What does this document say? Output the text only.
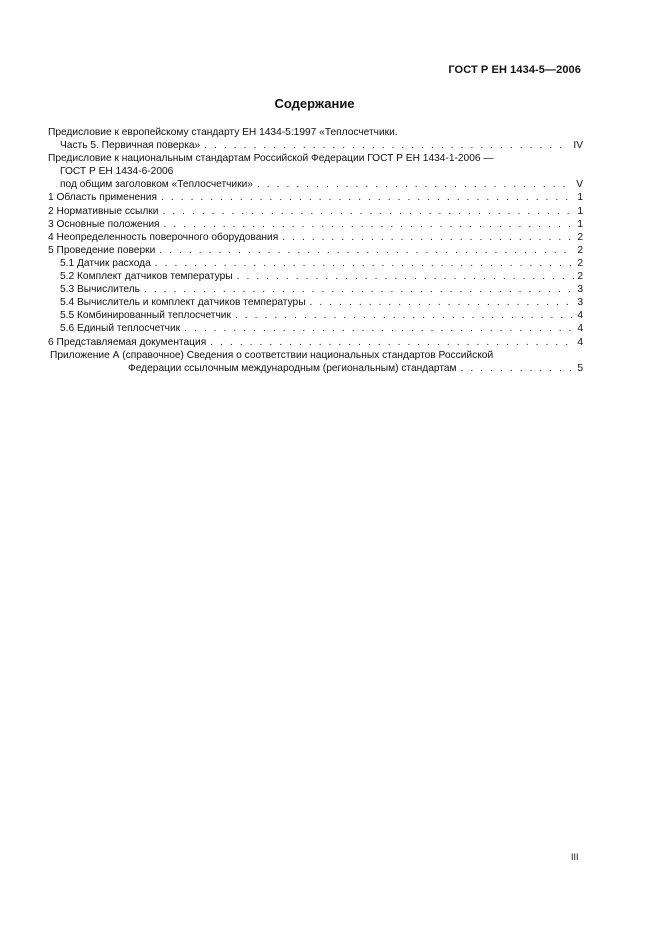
ГОСТ Р ЕН 1434-5—2006
Содержание
Предисловие к европейскому стандарту ЕН 1434-5:1997 «Теплосчетчики.
Часть 5. Первичная поверка» . . .	IV
Предисловие к национальным стандартам Российской Федерации ГОСТ Р ЕН 1434-1-2006 —
ГОСТ Р ЕН 1434-6-2006
под общим заголовком «Теплосчетчики» . . .	V
1 Область применения . . .	1
2 Нормативные ссылки . . .	1
3 Основные положения . . .	1
4 Неопределенность поверочного оборудования . . .	2
5 Проведение поверки . . .	2
5.1 Датчик расхода . . .	2
5.2 Комплект датчиков температуры . . .	2
5.3 Вычислитель . . .	3
5.4 Вычислитель и комплект датчиков температуры . . .	3
5.5 Комбинированный теплосчетчик . . .	4
5.6 Единый теплосчетчик . . .	4
6 Представляемая документация . . .	4
Приложение А (справочное) Сведения о соответствии национальных стандартов Российской
Федерации ссылочным международным (региональным) стандартам . . .	5
III
